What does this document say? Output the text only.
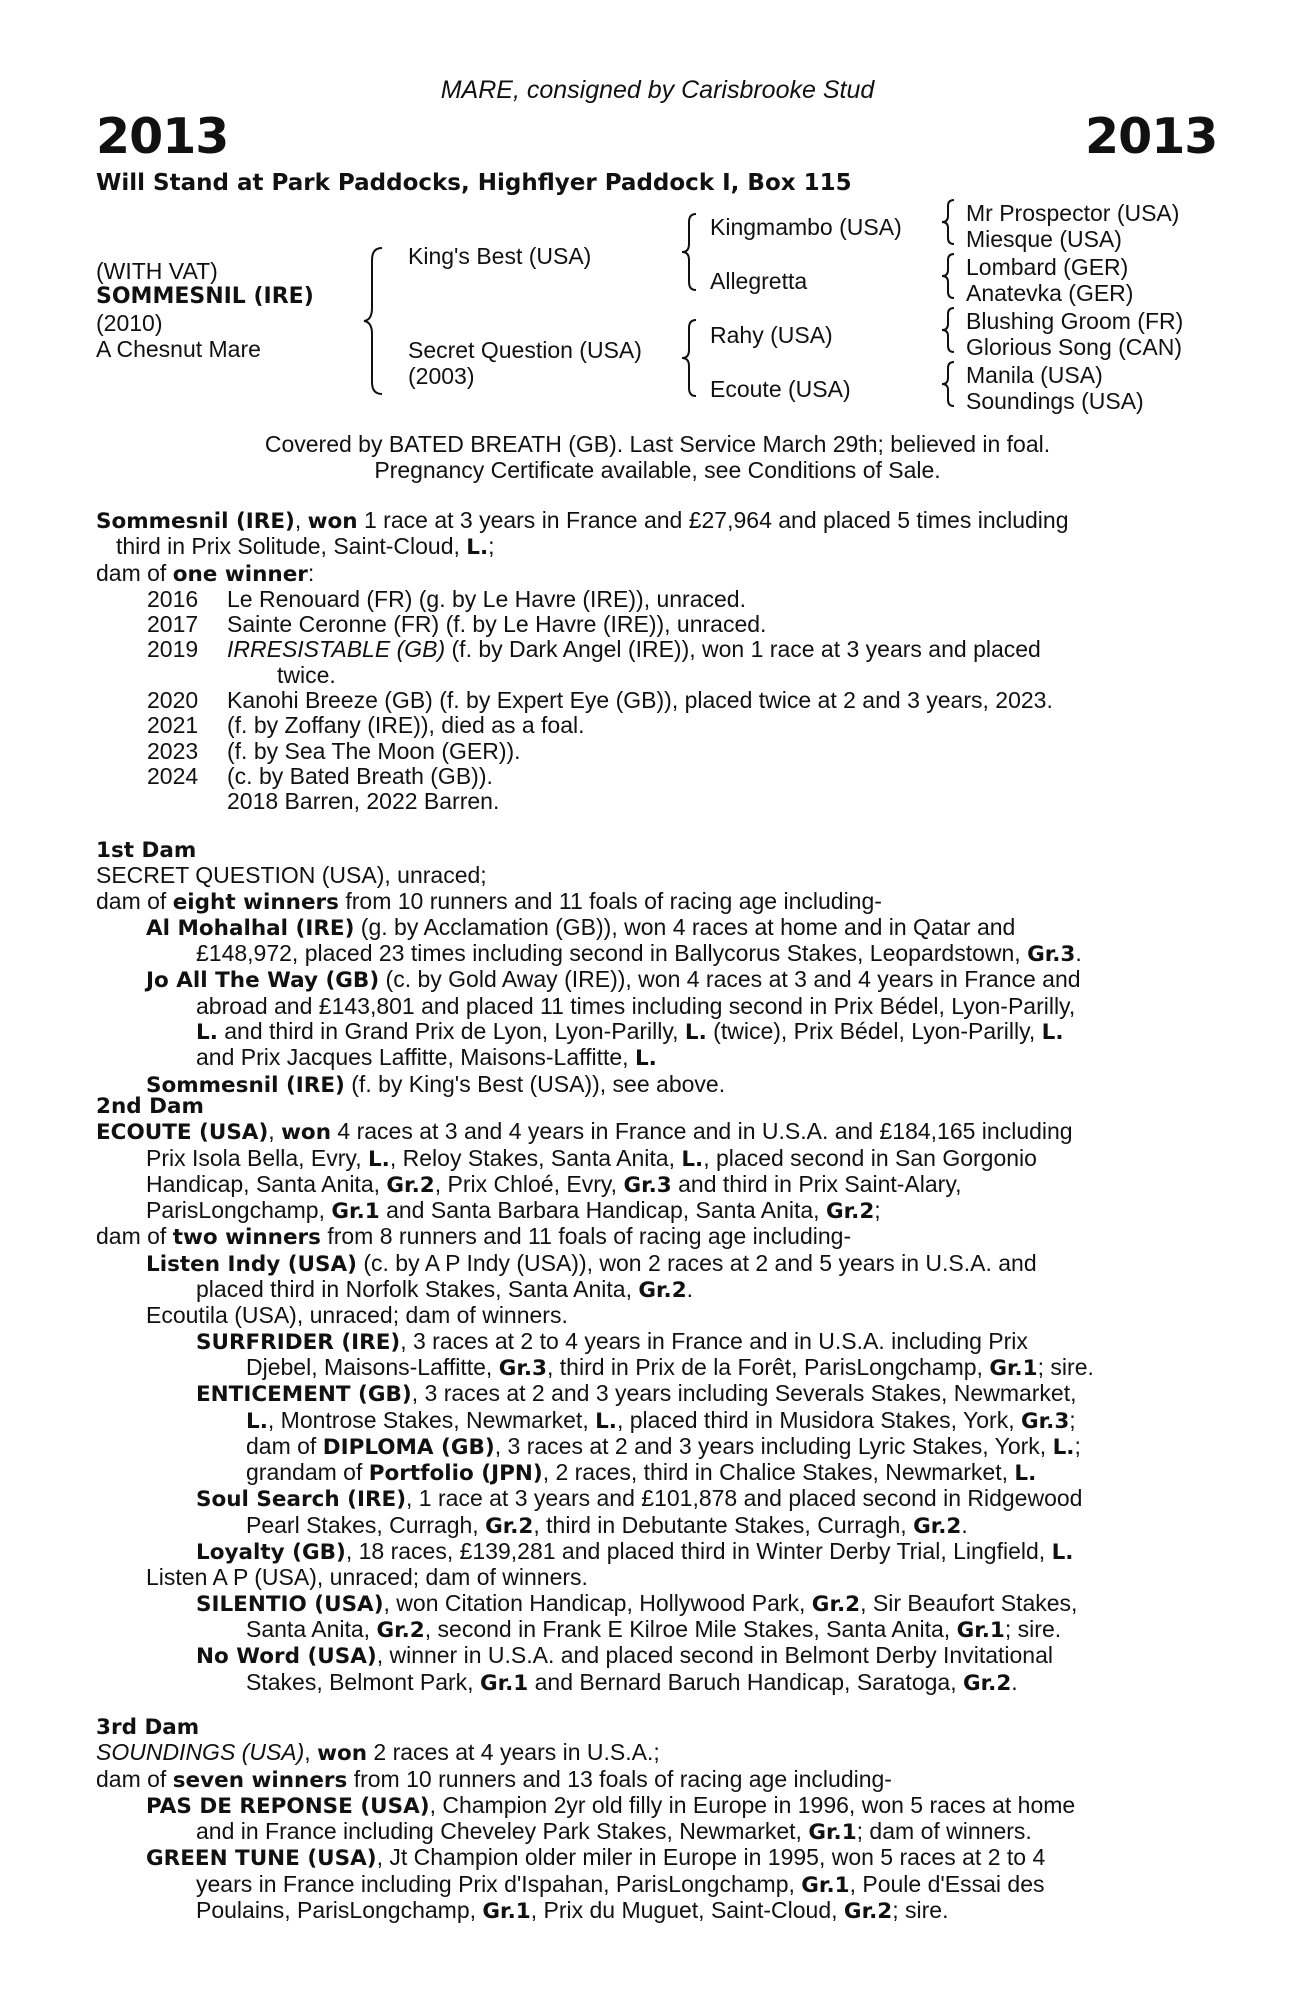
MARE, consigned by Carisbrooke Stud
2013	2013
Will Stand at Park Paddocks, Highflyer Paddock I, Box 115
(WITH VAT)
SOMMESNIL (IRE)
(2010)
A Chesnut Mare
King's Best (USA)
Secret Question (USA)
(2003)
Kingmambo (USA)
Allegretta
Rahy (USA)
Ecoute (USA)
Mr Prospector (USA)
Miesque (USA)
Lombard (GER)
Anatevka (GER)
Blushing Groom (FR)
Glorious Song (CAN)
Manila (USA)
Soundings (USA)
Covered by BATED BREATH (GB). Last Service March 29th; believed in foal.
Pregnancy Certificate available, see Conditions of Sale.

Sommesnil (IRE), won 1 race at 3 years in France and £27,964 and placed 5 times including

third in Prix Solitude, Saint-Cloud, L.;

dam of one winner:

2016	Le Renouard (FR) (g. by Le Havre (IRE)), unraced.
2017	Sainte Ceronne (FR) (f. by Le Havre (IRE)), unraced.
2019	IRRESISTABLE (GB) (f. by Dark Angel (IRE)), won 1 race at 3 years and placed
twice.
2020	Kanohi Breeze (GB) (f. by Expert Eye (GB)), placed twice at 2 and 3 years, 2023.
2021	(f. by Zoffany (IRE)), died as a foal.
2023	(f. by Sea The Moon (GER)).
2024	(c. by Bated Breath (GB)).
2018 Barren, 2022 Barren.

1st Dam

SECRET QUESTION (USA), unraced;

dam of eight winners from 10 runners and 11 foals of racing age including-

Al Mohalhal (IRE) (g. by Acclamation (GB)), won 4 races at home and in Qatar and

£148,972, placed 23 times including second in Ballycorus Stakes, Leopardstown, Gr.3.

Jo All The Way (GB) (c. by Gold Away (IRE)), won 4 races at 3 and 4 years in France and

abroad and £143,801 and placed 11 times including second in Prix Bédel, Lyon-Parilly,

L. and third in Grand Prix de Lyon, Lyon-Parilly, L. (twice), Prix Bédel, Lyon-Parilly, L.

and Prix Jacques Laffitte, Maisons-Laffitte, L.

Sommesnil (IRE) (f. by King's Best (USA)), see above.

2nd Dam

ECOUTE (USA), won 4 races at 3 and 4 years in France and in U.S.A. and £184,165 including

Prix Isola Bella, Evry, L., Reloy Stakes, Santa Anita, L., placed second in San Gorgonio

Handicap, Santa Anita, Gr.2, Prix Chloé, Evry, Gr.3 and third in Prix Saint-Alary,

ParisLongchamp, Gr.1 and Santa Barbara Handicap, Santa Anita, Gr.2;

dam of two winners from 8 runners and 11 foals of racing age including-

Listen Indy (USA) (c. by A P Indy (USA)), won 2 races at 2 and 5 years in U.S.A. and

placed third in Norfolk Stakes, Santa Anita, Gr.2.

Ecoutila (USA), unraced; dam of winners.

SURFRIDER (IRE), 3 races at 2 to 4 years in France and in U.S.A. including Prix

Djebel, Maisons-Laffitte, Gr.3, third in Prix de la Forêt, ParisLongchamp, Gr.1; sire.

ENTICEMENT (GB), 3 races at 2 and 3 years including Severals Stakes, Newmarket,

L., Montrose Stakes, Newmarket, L., placed third in Musidora Stakes, York, Gr.3;

dam of DIPLOMA (GB), 3 races at 2 and 3 years including Lyric Stakes, York, L.;

grandam of Portfolio (JPN), 2 races, third in Chalice Stakes, Newmarket, L.

Soul Search (IRE), 1 race at 3 years and £101,878 and placed second in Ridgewood

Pearl Stakes, Curragh, Gr.2, third in Debutante Stakes, Curragh, Gr.2.

Loyalty (GB), 18 races, £139,281 and placed third in Winter Derby Trial, Lingfield, L.

Listen A P (USA), unraced; dam of winners.

SILENTIO (USA), won Citation Handicap, Hollywood Park, Gr.2, Sir Beaufort Stakes,

Santa Anita, Gr.2, second in Frank E Kilroe Mile Stakes, Santa Anita, Gr.1; sire.

No Word (USA), winner in U.S.A. and placed second in Belmont Derby Invitational

Stakes, Belmont Park, Gr.1 and Bernard Baruch Handicap, Saratoga, Gr.2.

3rd Dam

SOUNDINGS (USA), won 2 races at 4 years in U.S.A.;

dam of seven winners from 10 runners and 13 foals of racing age including-

PAS DE REPONSE (USA), Champion 2yr old filly in Europe in 1996, won 5 races at home

and in France including Cheveley Park Stakes, Newmarket, Gr.1; dam of winners.

GREEN TUNE (USA), Jt Champion older miler in Europe in 1995, won 5 races at 2 to 4

years in France including Prix d'Ispahan, ParisLongchamp, Gr.1, Poule d'Essai des

Poulains, ParisLongchamp, Gr.1, Prix du Muguet, Saint-Cloud, Gr.2; sire.
